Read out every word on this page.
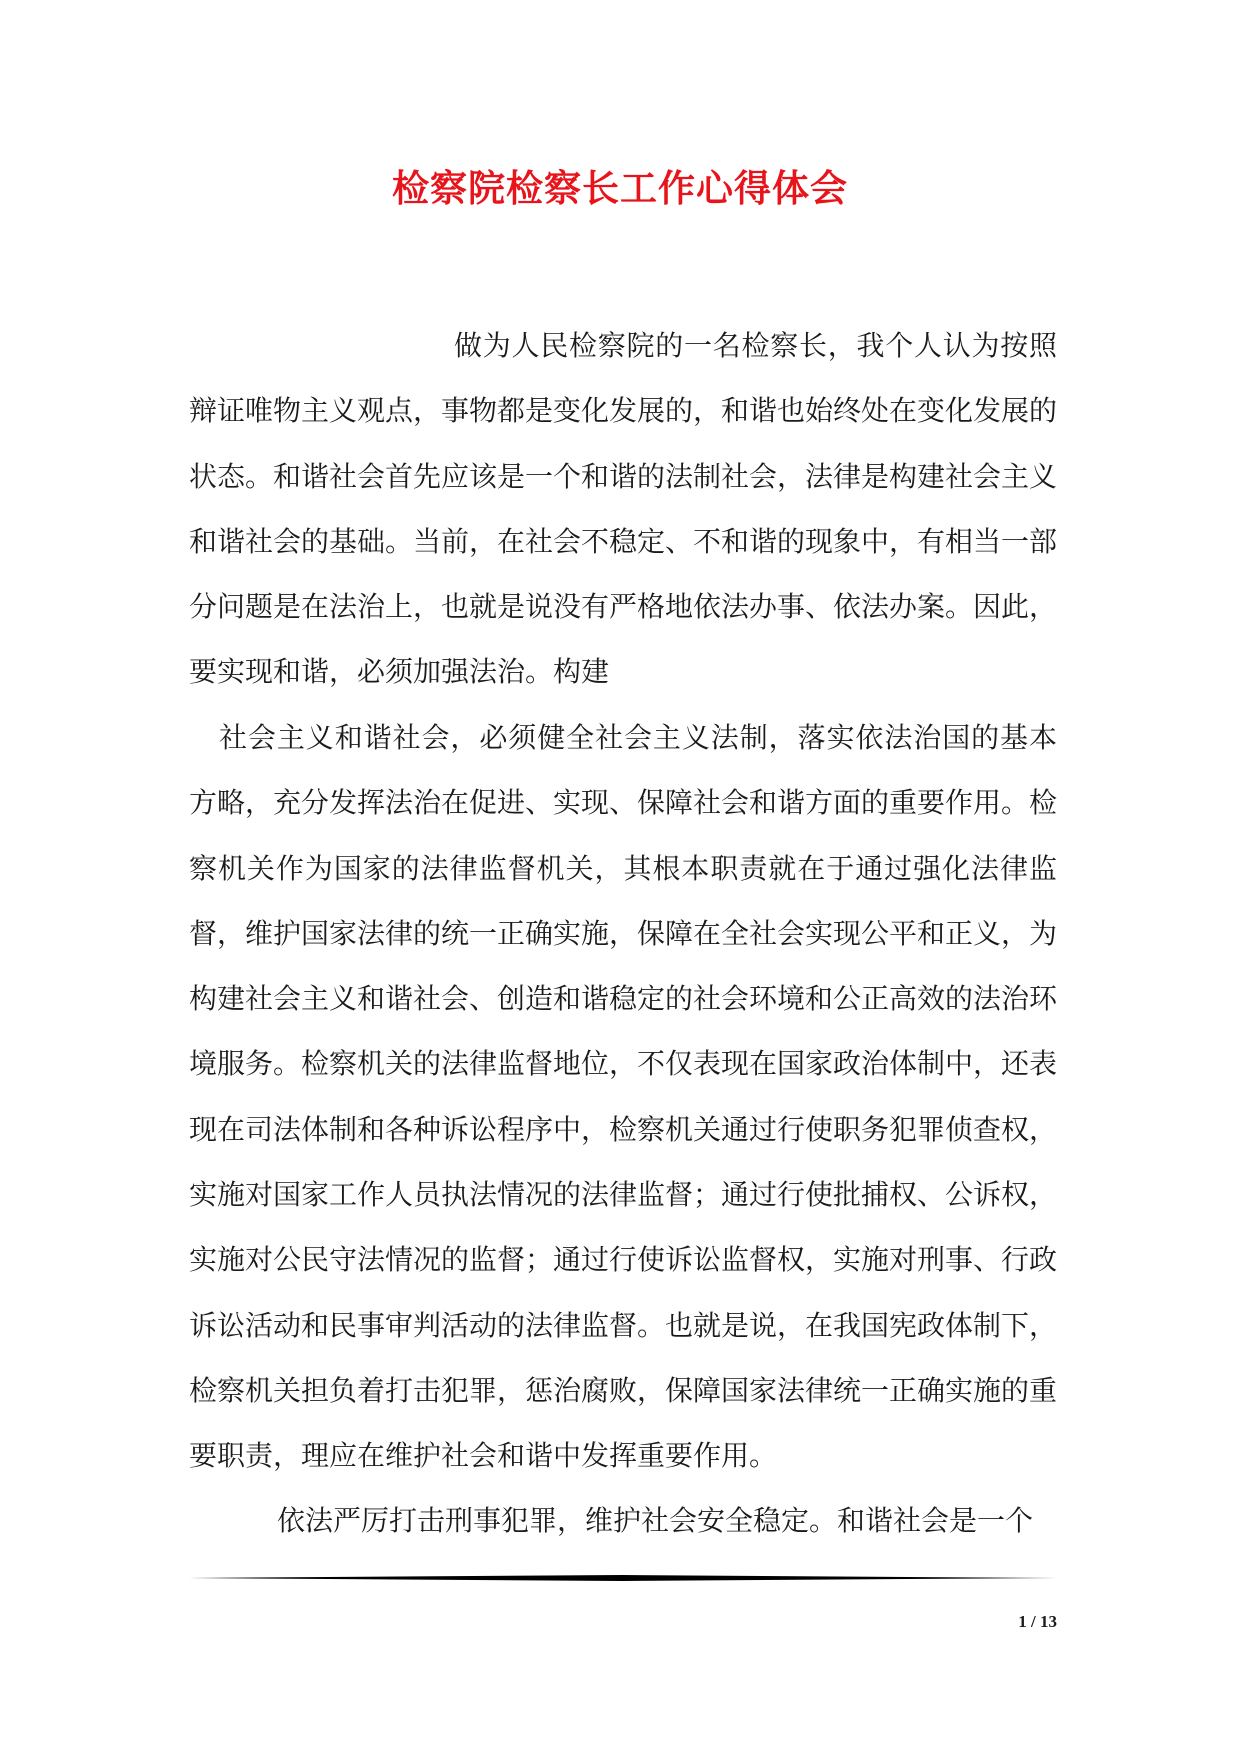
检察院检察长工作心得体会

做为人民检察院的一名检察长，我个人认为按照辩证唯物主义观点，事物都是变化发展的，和谐也始终处在变化发展的状态。和谐社会首先应该是一个和谐的法制社会，法律是构建社会主义和谐社会的基础。当前，在社会不稳定、不和谐的现象中，有相当一部分问题是在法治上，也就是说没有严格地依法办事、依法办案。因此，要实现和谐，必须加强法治。构建

社会主义和谐社会，必须健全社会主义法制，落实依法治国的基本方略，充分发挥法治在促进、实现、保障社会和谐方面的重要作用。检察机关作为国家的法律监督机关，其根本职责就在于通过强化法律监督，维护国家法律的统一正确实施，保障在全社会实现公平和正义，为构建社会主义和谐社会、创造和谐稳定的社会环境和公正高效的法治环境服务。检察机关的法律监督地位，不仅表现在国家政治体制中，还表现在司法体制和各种诉讼程序中，检察机关通过行使职务犯罪侦查权，实施对国家工作人员执法情况的法律监督；通过行使批捕权、公诉权，实施对公民守法情况的监督；通过行使诉讼监督权，实施对刑事、行政诉讼活动和民事审判活动的法律监督。也就是说，在我国宪政体制下，检察机关担负着打击犯罪，惩治腐败，保障国家法律统一正确实施的重要职责，理应在维护社会和谐中发挥重要作用。

依法严厉打击刑事犯罪，维护社会安全稳定。和谐社会是一个

1 / 13
